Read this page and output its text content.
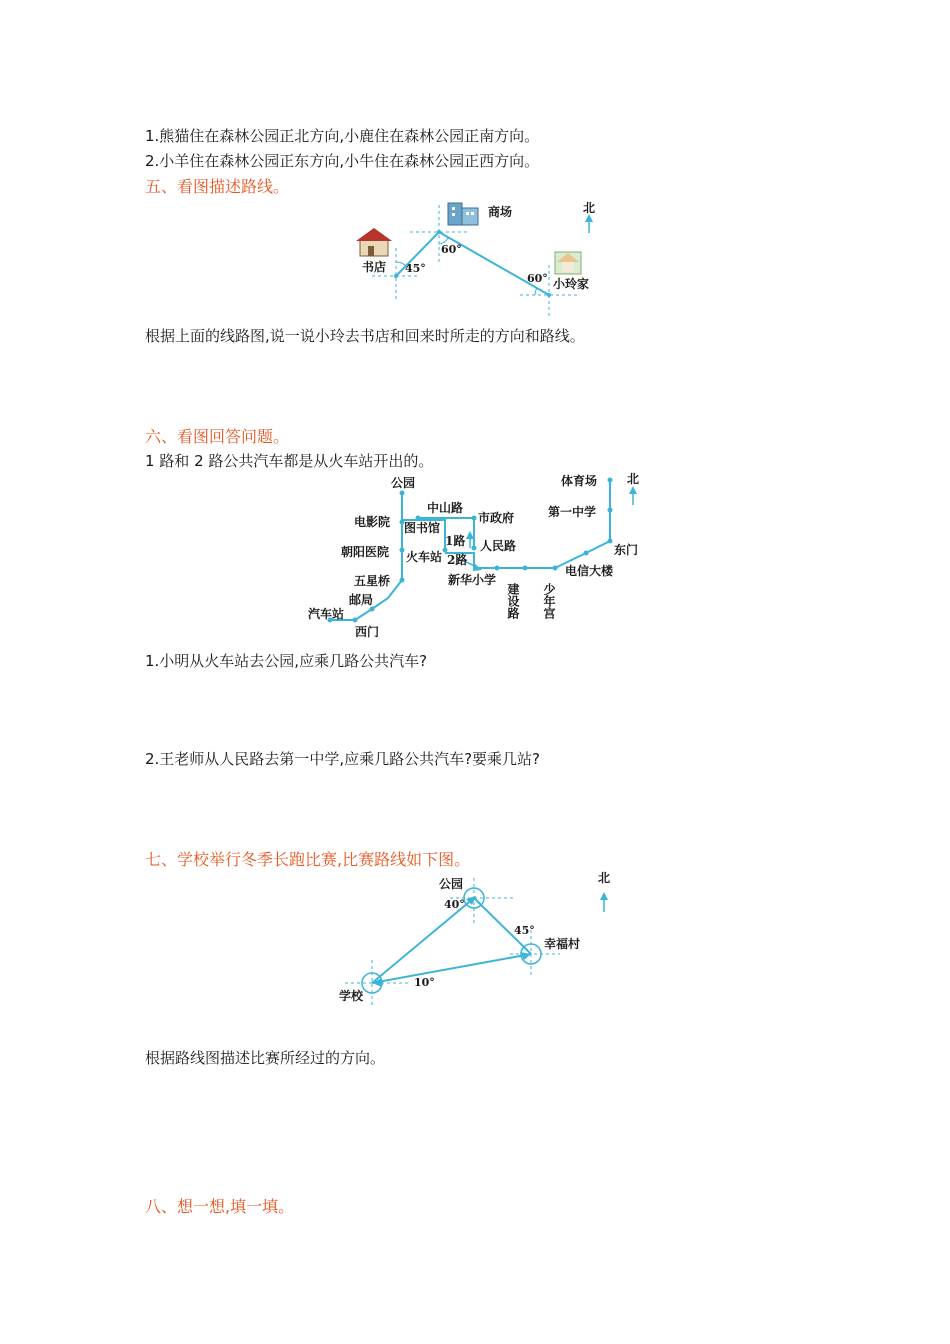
1.熊猫住在森林公园正北方向,小鹿住在森林公园正南方向。
2.小羊住在森林公园正东方向,小牛住在森林公园正西方向。
五、看图描述路线。
北
商场
书店
小玲家
45°
60°
60°
根据上面的线路图,说一说小玲去书店和回来时所走的方向和路线。
六、看图回答问题。
1 路和 2 路公共汽车都是从火车站开出的。
北
公园
电影院
中山路
图书馆
市政府
朝阳医院 火车站
人民路
1路
2路
五星桥
邮局
汽车站
西门
新华小学
建设路 少年宫
电信大楼
东门
第一中学
体育场
1.小明从火车站去公园,应乘几路公共汽车?
2.王老师从人民路去第一中学,应乘几路公共汽车?要乘几站?
七、学校举行冬季长跑比赛,比赛路线如下图。
北
公园
40°
45°
幸福村
10°
学校
根据路线图描述比赛所经过的方向。
八、想一想,填一填。
